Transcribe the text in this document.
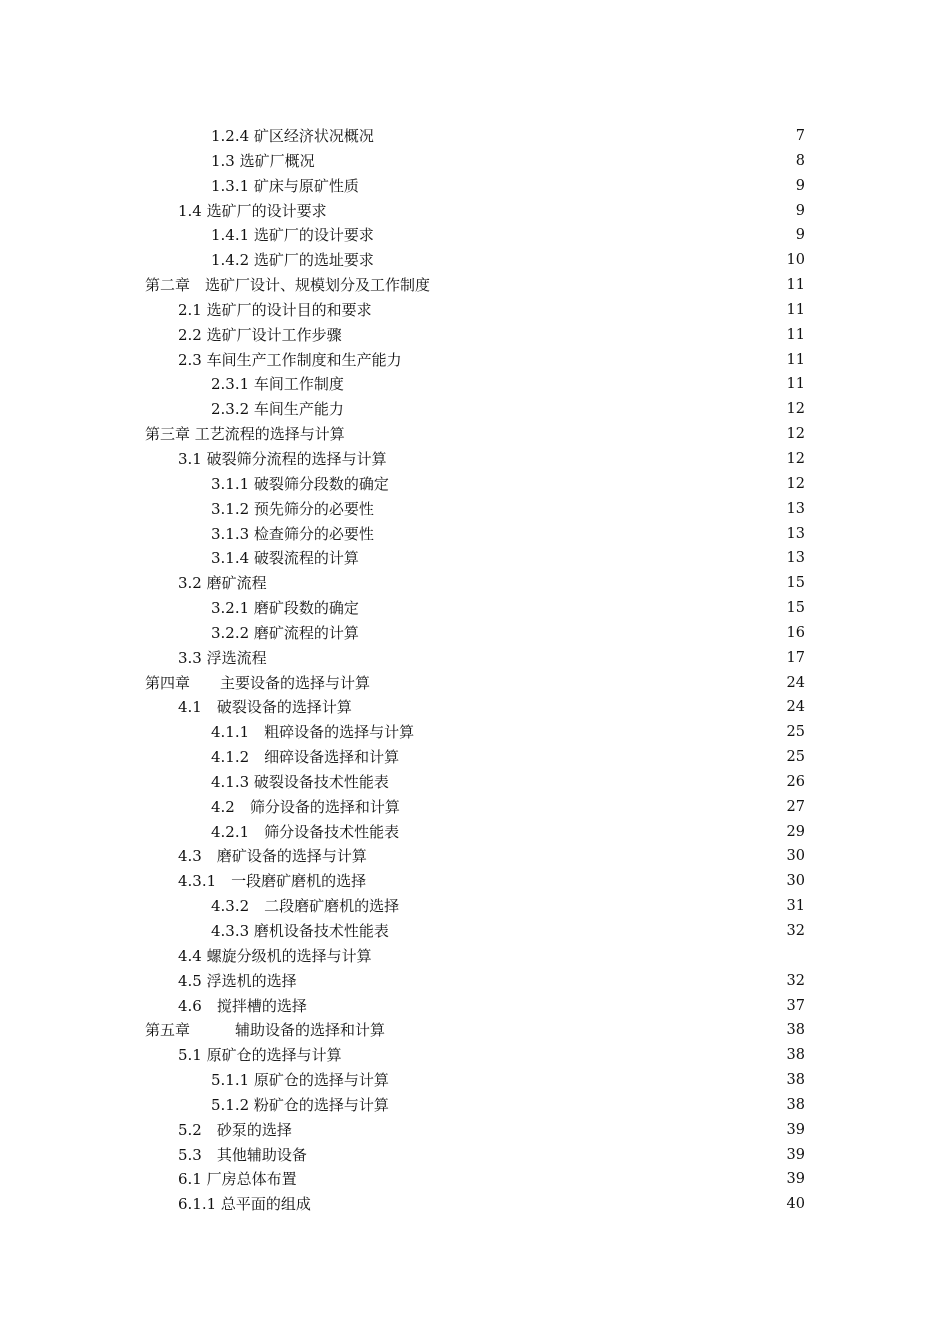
1.2.4 矿区经济状况概况	7
1.3 选矿厂概况	8
1.3.1 矿床与原矿性质	9
1.4 选矿厂的设计要求	9
1.4.1 选矿厂的设计要求	9
1.4.2 选矿厂的选址要求	10
第二章　选矿厂设计、规模划分及工作制度	11
2.1 选矿厂的设计目的和要求	11
2.2 选矿厂设计工作步骤	11
2.3 车间生产工作制度和生产能力	11
2.3.1 车间工作制度	11
2.3.2 车间生产能力	12
第三章 工艺流程的选择与计算	12
3.1 破裂筛分流程的选择与计算	12
3.1.1 破裂筛分段数的确定	12
3.1.2 预先筛分的必要性	13
3.1.3 检查筛分的必要性	13
3.1.4 破裂流程的计算	13
3.2 磨矿流程	15
3.2.1 磨矿段数的确定	15
3.2.2 磨矿流程的计算	16
3.3 浮选流程	17
第四章　　主要设备的选择与计算	24
4.1　破裂设备的选择计算	24
4.1.1　粗碎设备的选择与计算	25
4.1.2　细碎设备选择和计算	25
4.1.3 破裂设备技术性能表	26
4.2　筛分设备的选择和计算	27
4.2.1　筛分设备技术性能表	29
4.3　磨矿设备的选择与计算	30
4.3.1　一段磨矿磨机的选择	30
4.3.2　二段磨矿磨机的选择	31
4.3.3 磨机设备技术性能表	32
4.4 螺旋分级机的选择与计算
4.5 浮选机的选择	32
4.6　搅拌槽的选择	37
第五章　　　辅助设备的选择和计算	38
5.1 原矿仓的选择与计算	38
5.1.1 原矿仓的选择与计算	38
5.1.2 粉矿仓的选择与计算	38
5.2　砂泵的选择	39
5.3　其他辅助设备	39
6.1 厂房总体布置	39
6.1.1 总平面的组成	40
